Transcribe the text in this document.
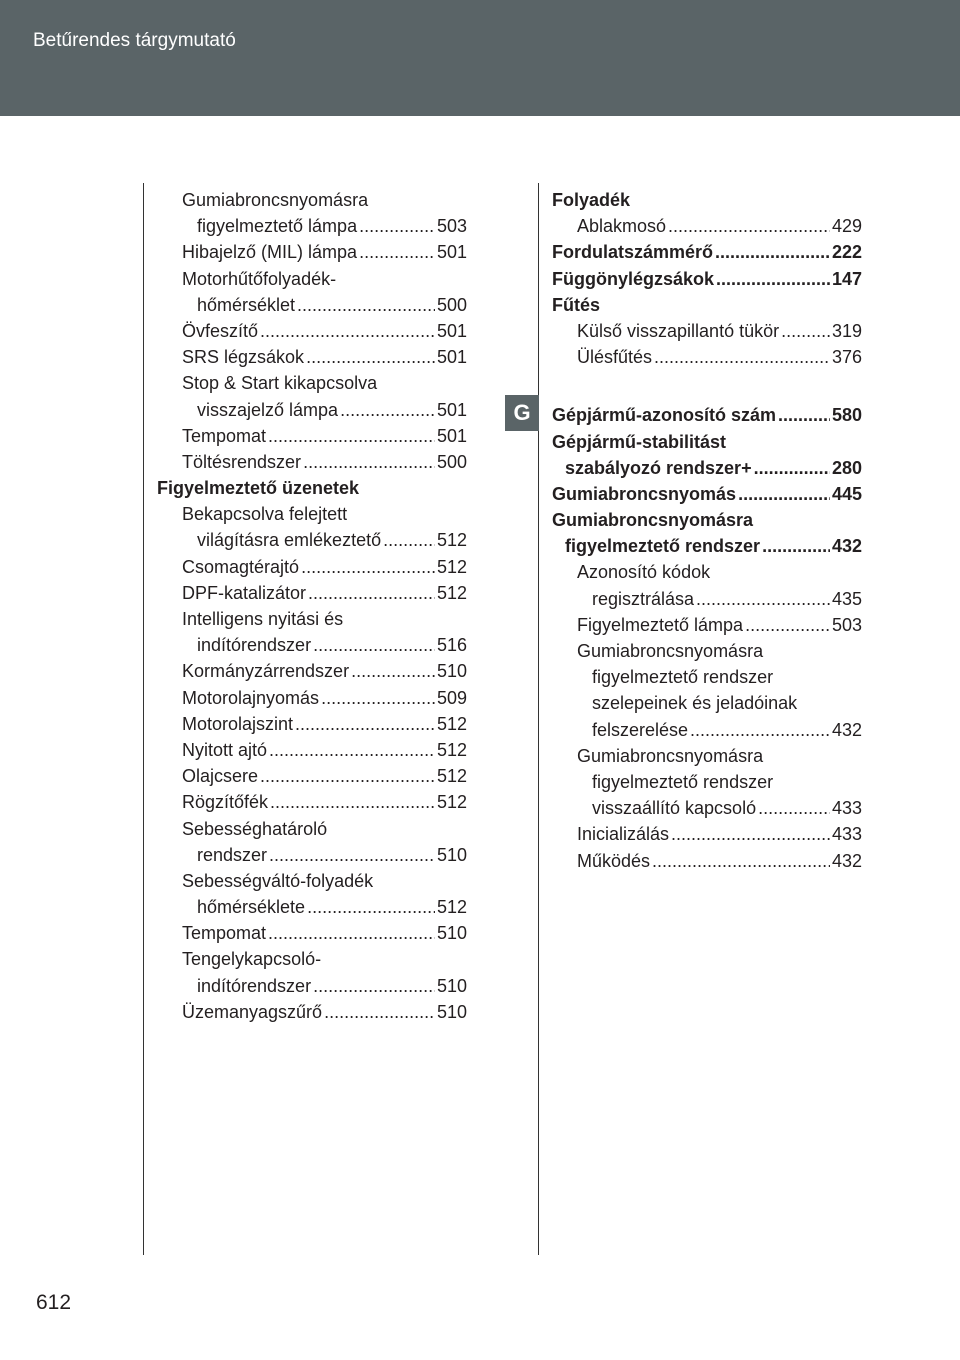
Betűrendes tárgymutató
G
Gumiabroncsnyomásra
figyelmeztető lámpa .....	503
Hibajelző (MIL) lámpa .....	501
Motorhűtőfolyadék-
hőmérséklet .....	500
Övfeszítő .....	501
SRS légzsákok .....	501
Stop & Start kikapcsolva
visszajelző lámpa .....	501
Tempomat .....	501
Töltésrendszer .....	500
Figyelmeztető üzenetek
Bekapcsolva felejtett
világításra emlékeztető .....	512
Csomagtérajtó .....	512
DPF-katalizátor .....	512
Intelligens nyitási és
indítórendszer .....	516
Kormányzárrendszer .....	510
Motorolajnyomás .....	509
Motorolajszint .....	512
Nyitott ajtó .....	512
Olajcsere .....	512
Rögzítőfék .....	512
Sebességhatároló
rendszer .....	510
Sebességváltó-folyadék
hőmérséklete .....	512
Tempomat .....	510
Tengelykapcsoló-
indítórendszer .....	510
Üzemanyagszűrő .....	510
Folyadék
Ablakmosó .....	429
Fordulatszámmérő .....	222
Függönylégzsákok .....	147
Fűtés
Külső visszapillantó tükör .....	319
Ülésfűtés .....	376
Gépjármű-azonosító szám .....	580
Gépjármű-stabilitást
szabályozó rendszer+ .....	280
Gumiabroncsnyomás .....	445
Gumiabroncsnyomásra
figyelmeztető rendszer .....	432
Azonosító kódok
regisztrálása .....	435
Figyelmeztető lámpa .....	503
Gumiabroncsnyomásra
figyelmeztető rendszer
szelepeinek és jeladóinak
felszerelése .....	432
Gumiabroncsnyomásra
figyelmeztető rendszer
visszaállító kapcsoló .....	433
Inicializálás .....	433
Működés .....	432
612
